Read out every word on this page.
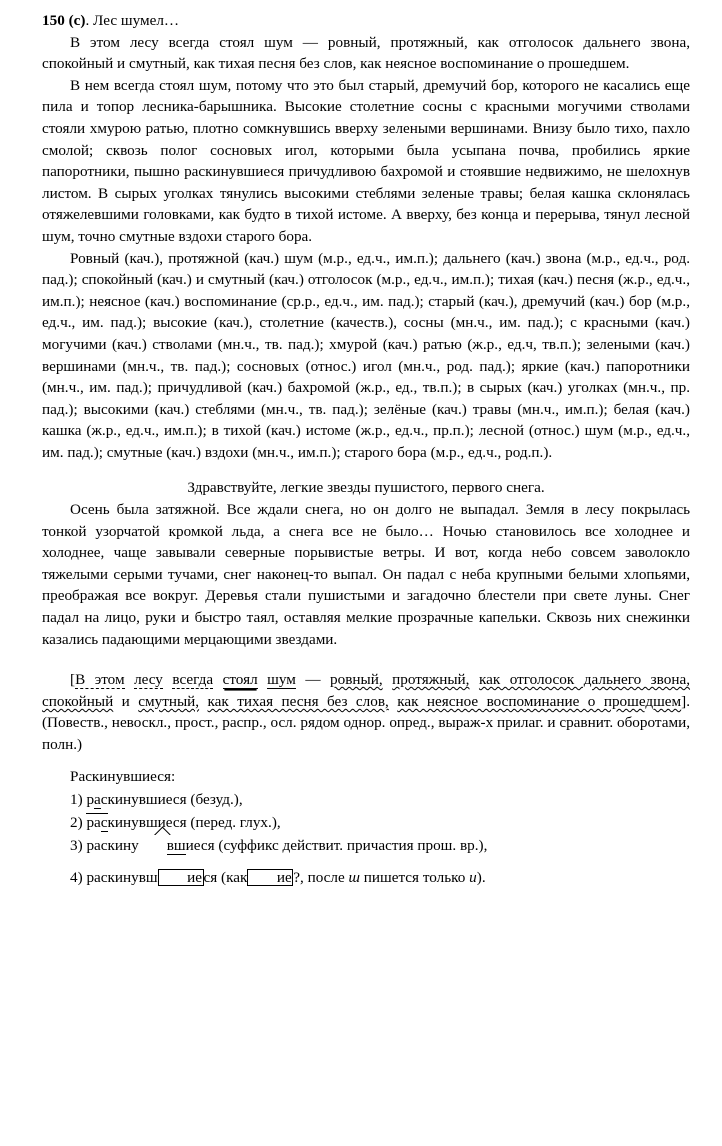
150 (c). Лес шумел…

В этом лесу всегда стоял шум — ровный, протяжный, как отголосок дальнего звона, спокойный и смутный, как тихая песня без слов, как неясное воспоминание о прошедшем.

В нем всегда стоял шум, потому что это был старый, дремучий бор, которого не касались еще пила и топор лесника-барышника. Высокие столетние сосны с красными могучими стволами стояли хмурою ратью, плотно сомкнувшись вверху зелеными вершинами. Внизу было тихо, пахло смолой; сквозь полог сосновых игол, которыми была усыпана почва, пробились яркие папоротники, пышно раскинувшиеся причудливою бахромой и стоявшие недвижимо, не шелохнув листом. В сырых уголках тянулись высокими стеблями зеленые травы; белая кашка склонялась отяжелевшими головками, как будто в тихой истоме. А вверху, без конца и перерыва, тянул лесной шум, точно смутные вздохи старого бора.

Ровный (кач.), протяжной (кач.) шум (м.р., ед.ч., им.п.); дальнего (кач.) звона (м.р., ед.ч., род. пад.); спокойный (кач.) и смутный (кач.) отголосок (м.р., ед.ч., им.п.); тихая (кач.) песня (ж.р., ед.ч., им.п.); неясное (кач.) воспоминание (ср.р., ед.ч., им. пад.); старый (кач.), дремучий (кач.) бор (м.р., ед.ч., им. пад.); высокие (кач.), столетние (качеств.), сосны (мн.ч., им. пад.); с красными (кач.) могучими (кач.) стволами (мн.ч., тв. пад.); хмурой (кач.) ратью (ж.р., ед.ч, тв.п.); зелеными (кач.) вершинами (мн.ч., тв. пад.); сосновых (относ.) игол (мн.ч., род. пад.); яркие (кач.) папоротники (мн.ч., им. пад.); причудливой (кач.) бахромой (ж.р., ед., тв.п.); в сырых (кач.) уголках (мн.ч., пр. пад.); высокими (кач.) стеблями (мн.ч., тв. пад.); зелёные (кач.) травы (мн.ч., им.п.); белая (кач.) кашка (ж.р., ед.ч., им.п.); в тихой (кач.) истоме (ж.р., ед.ч., пр.п.); лесной (относ.) шум (м.р., ед.ч., им. пад.); смутные (кач.) вздохи (мн.ч., им.п.); старого бора (м.р., ед.ч., род.п.).

Здравствуйте, легкие звезды пушистого, первого снега.

Осень была затяжной. Все ждали снега, но он долго не выпадал. Земля в лесу покрылась тонкой узорчатой кромкой льда, а снега все не было… Ночью становилось все холоднее и холоднее, чаще завывали северные порывистые ветры. И вот, когда небо совсем заволокло тяжелыми серыми тучами, снег наконец-то выпал. Он падал с неба крупными белыми хлопьями, преображая все вокруг. Деревья стали пушистыми и загадочно блестели при свете луны. Снег падал на лицо, руки и быстро таял, оставляя мелкие прозрачные капельки. Сквозь них снежинки казались падающими мерцающими звездами.

[В этом лесу всегда стоял шум — ровный, протяжный, как отголосок дальнего звона, спокойный и смутный, как тихая песня без слов, как неясное воспоминание о прошедшем]. (Повеств., невоскл., прост., распр., осл. рядом однор. опред., выраж-х прилаг. и сравнит. оборотами, полн.)

Раскинувшиеся:

1) раскинувшиеся (безуд.),

2) раскинувшиеся (перед. глух.),

3) раскину вшиеся (суффикс действит. причастия прош. вр.),

4) раскинувш иеся (как ие?, после ш пишется только и).
